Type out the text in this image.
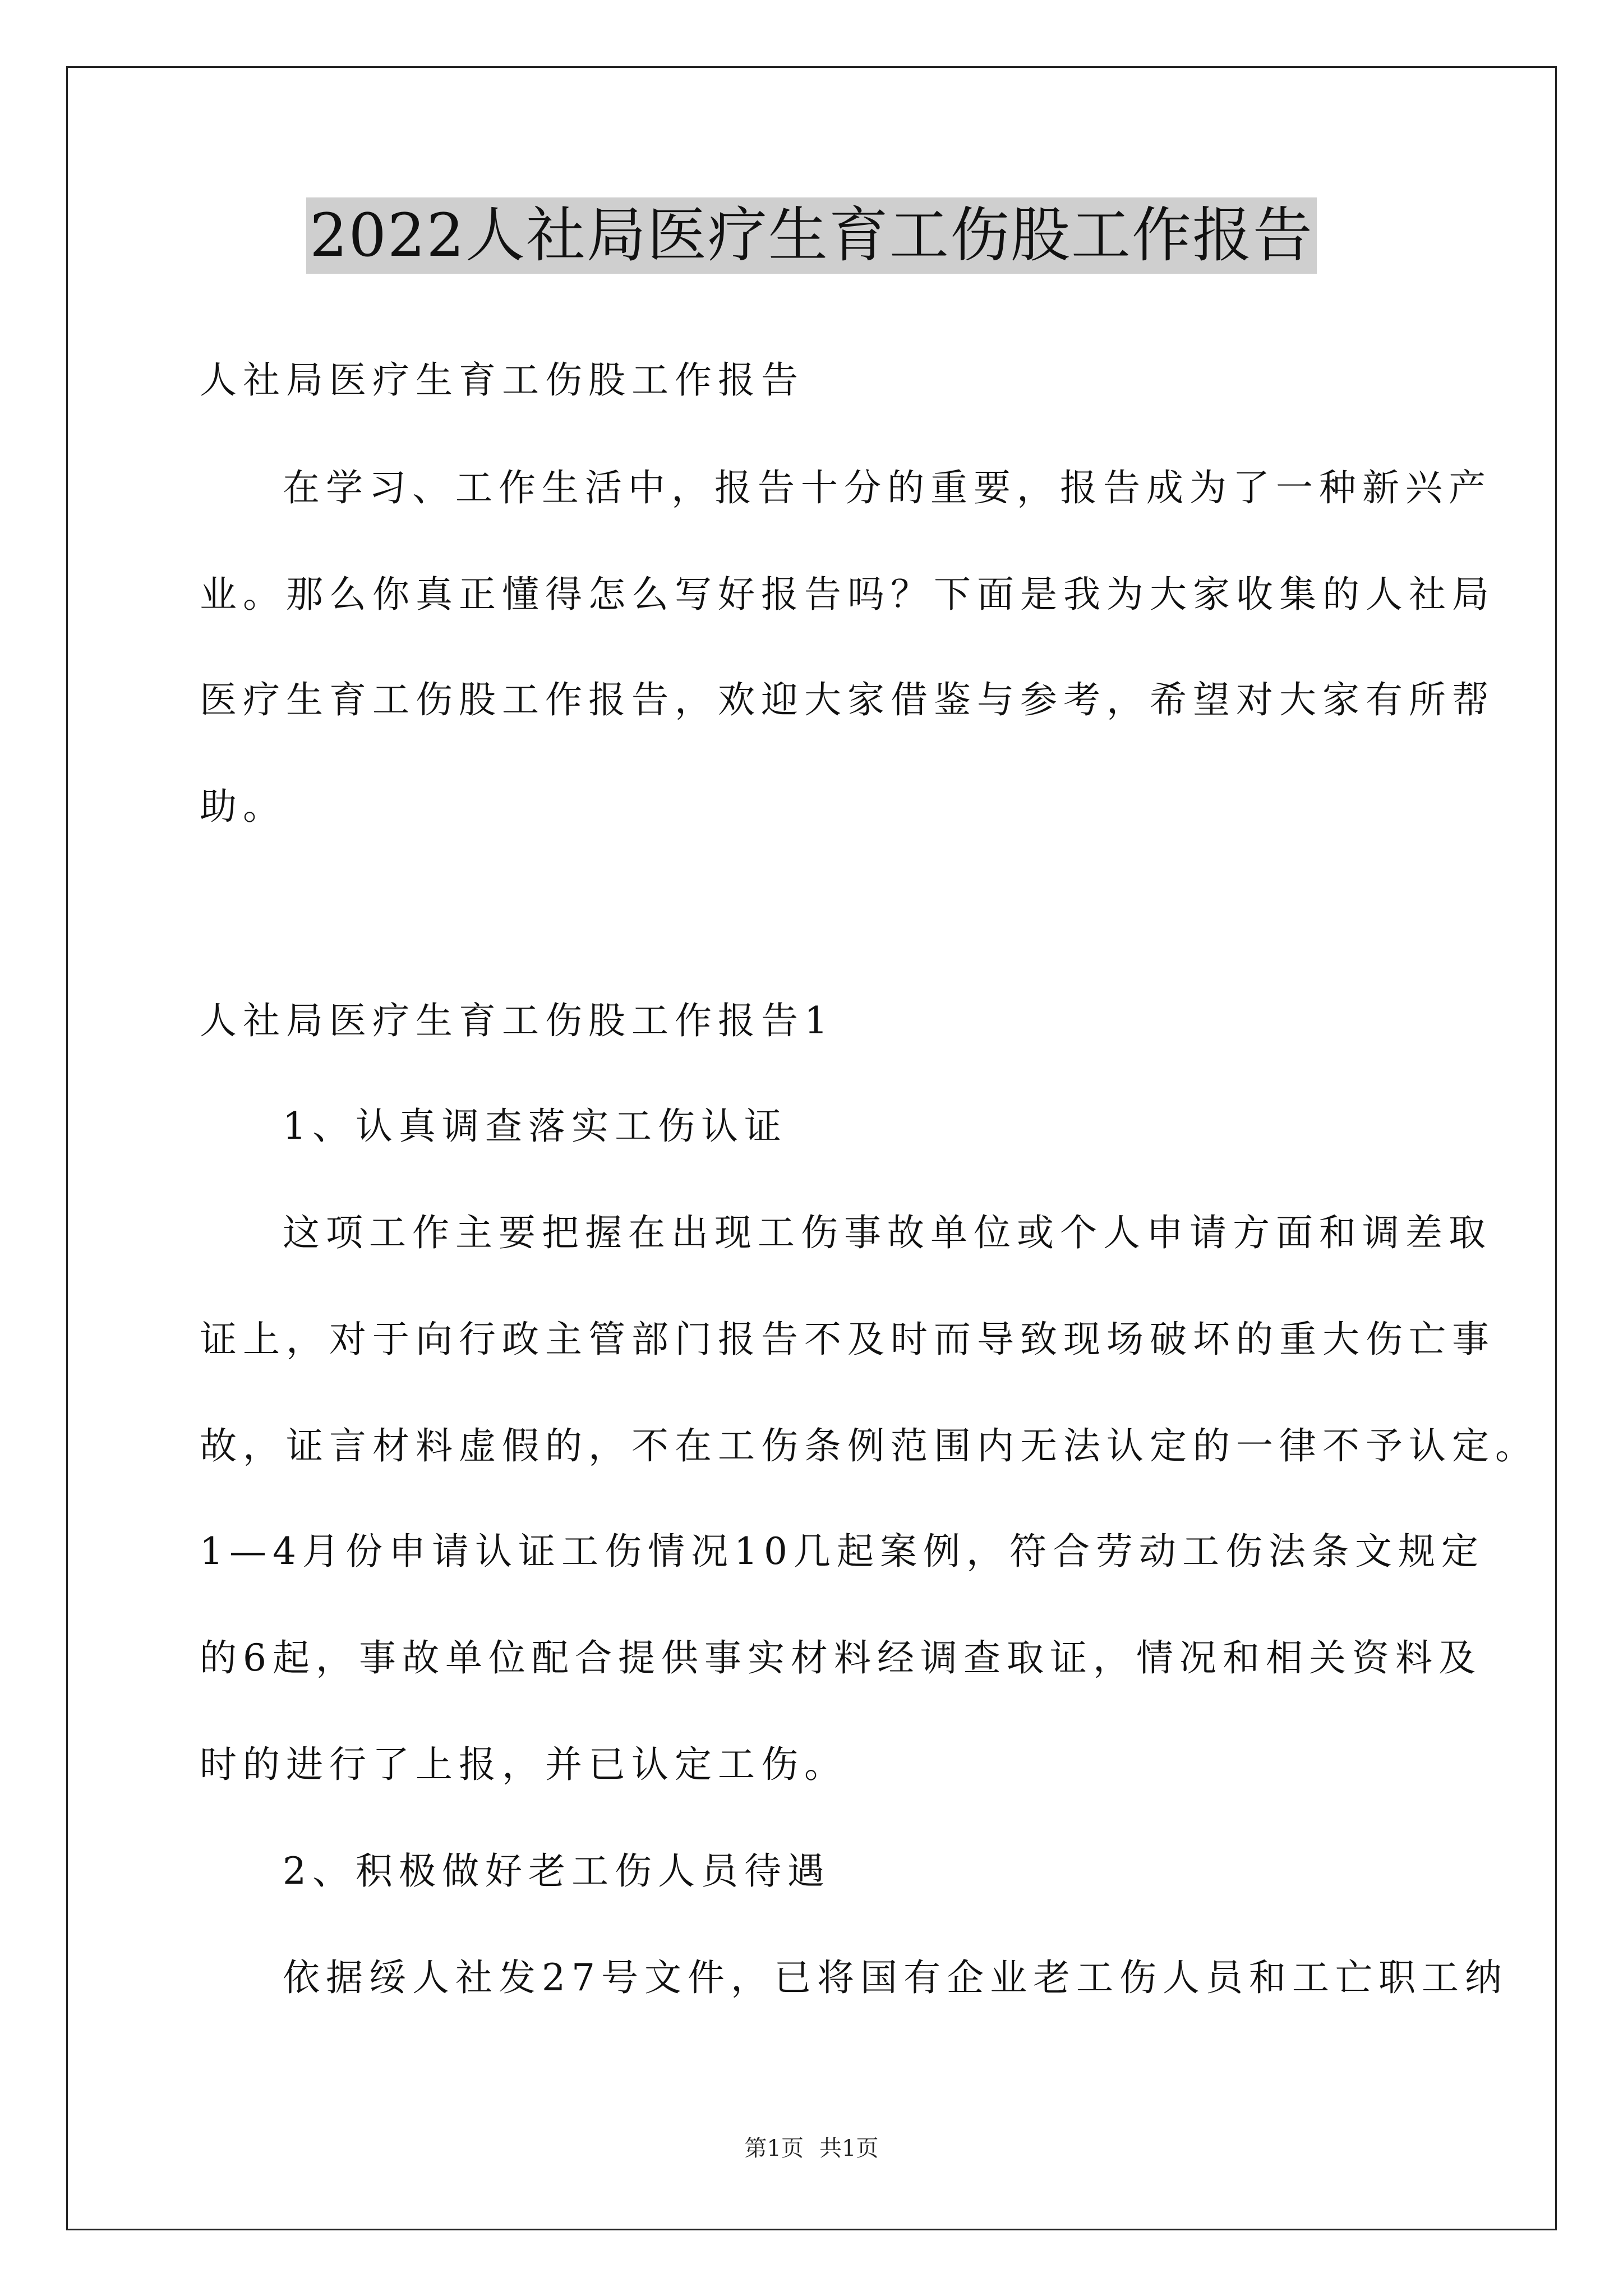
2022人社局医疗生育工伤股工作报告
人社局医疗生育工伤股工作报告
在学习、工作生活中，报告十分的重要，报告成为了一种新兴产
业。那么你真正懂得怎么写好报告吗？下面是我为大家收集的人社局
医疗生育工伤股工作报告，欢迎大家借鉴与参考，希望对大家有所帮
助。
人社局医疗生育工伤股工作报告1
1、认真调查落实工伤认证
这项工作主要把握在出现工伤事故单位或个人申请方面和调差取
证上，对于向行政主管部门报告不及时而导致现场破坏的重大伤亡事
故，证言材料虚假的，不在工伤条例范围内无法认定的一律不予认定。
1—4月份申请认证工伤情况10几起案例，符合劳动工伤法条文规定
的6起，事故单位配合提供事实材料经调查取证，情况和相关资料及
时的进行了上报，并已认定工伤。
2、积极做好老工伤人员待遇
依据绥人社发27号文件，已将国有企业老工伤人员和工亡职工纳
第1页 共1页
